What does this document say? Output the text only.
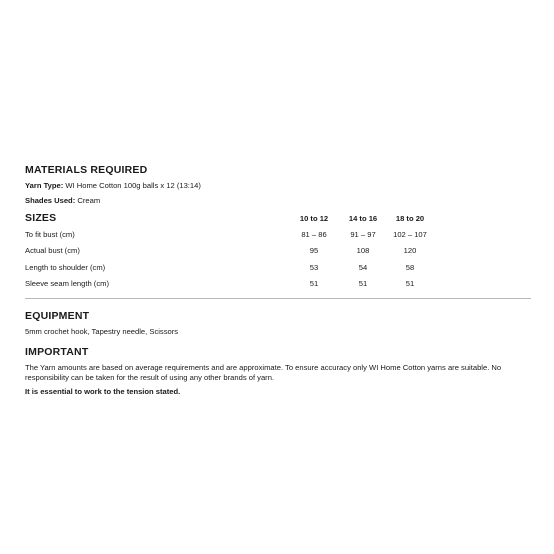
MATERIALS REQUIRED
Yarn Type: WI Home Cotton 100g balls x 12 (13:14)
Shades Used: Cream
SIZES	10 to 12	14 to 16	18 to 20
To fit bust (cm)	81 – 86	91 – 97	102 – 107
Actual bust (cm)	95	108	120
Length to shoulder (cm)	53	54	58
Sleeve seam length (cm)	51	51	51
EQUIPMENT
5mm crochet hook, Tapestry needle, Scissors
IMPORTANT
The Yarn amounts are based on average requirements and are approximate. To ensure accuracy only WI Home Cotton yarns are suitable. No responsibility can be taken for the result of using any other brands of yarn.
It is essential to work to the tension stated.
